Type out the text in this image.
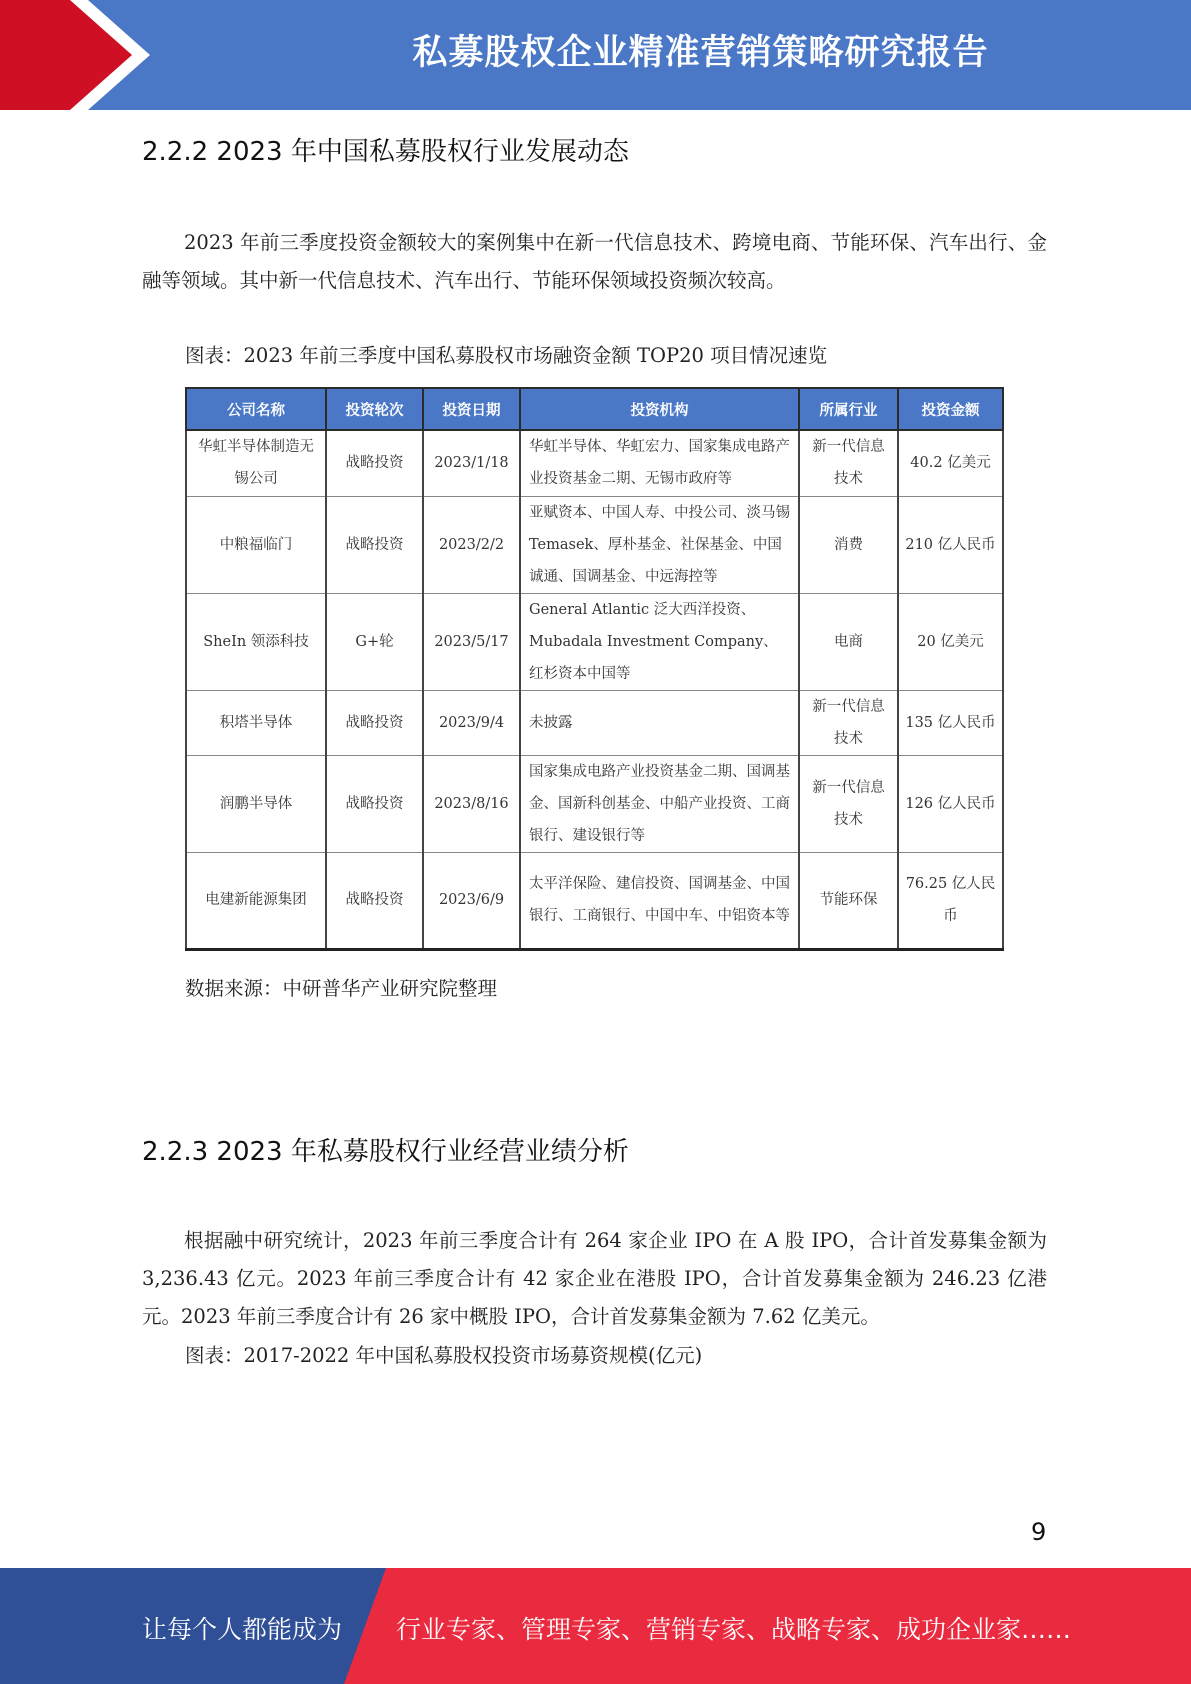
私募股权企业精准营销策略研究报告
2.2.2 2023 年中国私募股权行业发展动态
2023 年前三季度投资金额较大的案例集中在新一代信息技术、跨境电商、节能环保、汽车出行、金融等领域。其中新一代信息技术、汽车出行、节能环保领域投资频次较高。
图表：2023 年前三季度中国私募股权市场融资金额 TOP20 项目情况速览
公司名称	投资轮次	投资日期	投资机构	所属行业	投资金额
华虹半导体制造无锡公司	战略投资	2023/1/18	华虹半导体、华虹宏力、国家集成电路产业投资基金二期、无锡市政府等	新一代信息技术	40.2 亿美元
中粮福临门	战略投资	2023/2/2	亚赋资本、中国人寿、中投公司、淡马锡 Temasek、厚朴基金、社保基金、中国诚通、国调基金、中远海控等	消费	210 亿人民币
SheIn 领添科技	G+轮	2023/5/17	General Atlantic 泛大西洋投资、Mubadala Investment Company、红杉资本中国等	电商	20 亿美元
积塔半导体	战略投资	2023/9/4	未披露	新一代信息技术	135 亿人民币
润鹏半导体	战略投资	2023/8/16	国家集成电路产业投资基金二期、国调基金、国新科创基金、中船产业投资、工商银行、建设银行等	新一代信息技术	126 亿人民币
电建新能源集团	战略投资	2023/6/9	太平洋保险、建信投资、国调基金、中国银行、工商银行、中国中车、中铝资本等	节能环保	76.25 亿人民币
数据来源：中研普华产业研究院整理
2.2.3 2023 年私募股权行业经营业绩分析
根据融中研究统计，2023 年前三季度合计有 264 家企业 IPO 在 A 股 IPO，合计首发募集金额为 3,236.43 亿元。2023 年前三季度合计有 42 家企业在港股 IPO，合计首发募集金额为 246.23 亿港元。2023 年前三季度合计有 26 家中概股 IPO，合计首发募集金额为 7.62 亿美元。
图表：2017-2022 年中国私募股权投资市场募资规模(亿元)
9
让每个人都能成为 行业专家、管理专家、营销专家、战略专家、成功企业家……
